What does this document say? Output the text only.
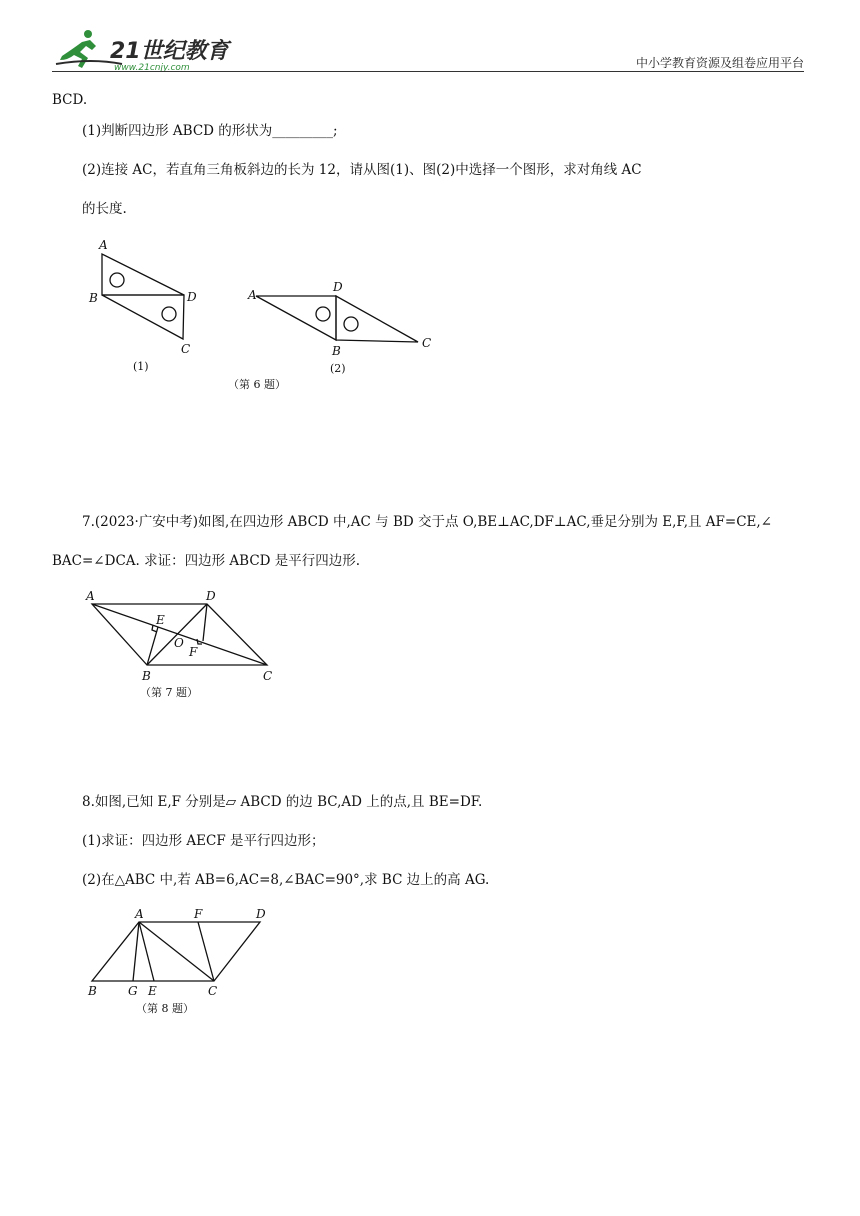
21世纪教育
www.21cnjy.com	中小学教育资源及组卷应用平台
BCD.
(1)判断四边形 ABCD 的形状为_________;
(2)连接 AC，若直角三角板斜边的长为 12，请从图(1)、图(2)中选择一个图形，求对角线 AC
的长度.
A
B	D
C
(1)
A
D
B
C
(2)
（第 6 题）
7.(2023·广安中考)如图,在四边形 ABCD 中,AC 与 BD 交于点 O,BE⊥AC,DF⊥AC,垂足分别为 E,F,且 AF=CE,∠
BAC=∠DCA. 求证：四边形 ABCD 是平行四边形.
A	D
E
O
F
B	C
（第 7 题）
8.如图,已知 E,F 分别是▱ ABCD 的边 BC,AD 上的点,且 BE=DF.
(1)求证：四边形 AECF 是平行四边形；
(2)在△ABC 中,若 AB=6,AC=8,∠BAC=90°,求 BC 边上的高 AG.
A	F	D
B	G E	C
（第 8 题）
